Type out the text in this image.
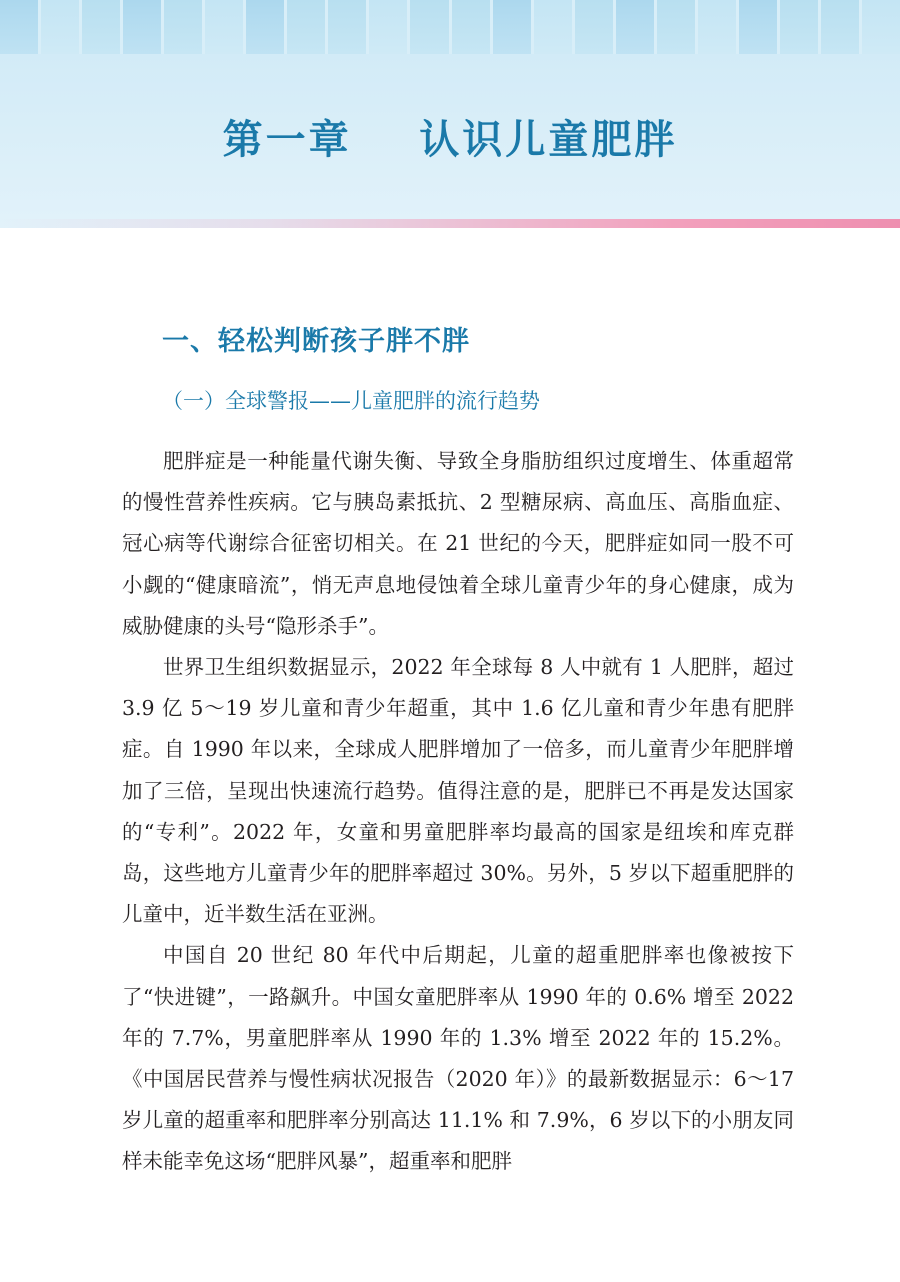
第一章    认识儿童肥胖
一、轻松判断孩子胖不胖
（一）全球警报——儿童肥胖的流行趋势

肥胖症是一种能量代谢失衡、导致全身脂肪组织过度增生、体重超常的慢性营养性疾病。它与胰岛素抵抗、2 型糖尿病、高血压、高脂血症、冠心病等代谢综合征密切相关。在 21 世纪的今天，肥胖症如同一股不可小觑的“健康暗流”，悄无声息地侵蚀着全球儿童青少年的身心健康，成为威胁健康的头号“隐形杀手”。

世界卫生组织数据显示，2022 年全球每 8 人中就有 1 人肥胖，超过 3.9 亿 5～19 岁儿童和青少年超重，其中 1.6 亿儿童和青少年患有肥胖症。自 1990 年以来，全球成人肥胖增加了一倍多，而儿童青少年肥胖增加了三倍，呈现出快速流行趋势。值得注意的是，肥胖已不再是发达国家的“专利”。2022 年，女童和男童肥胖率均最高的国家是纽埃和库克群岛，这些地方儿童青少年的肥胖率超过 30%。另外，5 岁以下超重肥胖的儿童中，近半数生活在亚洲。

中国自 20 世纪 80 年代中后期起，儿童的超重肥胖率也像被按下了“快进键”，一路飙升。中国女童肥胖率从 1990 年的 0.6% 增至 2022 年的 7.7%，男童肥胖率从 1990 年的 1.3% 增至 2022 年的 15.2%。《中国居民营养与慢性病状况报告（2020 年）》的最新数据显示：6～17 岁儿童的超重率和肥胖率分别高达 11.1% 和 7.9%，6 岁以下的小朋友同样未能幸免这场“肥胖风暴”，超重率和肥胖
